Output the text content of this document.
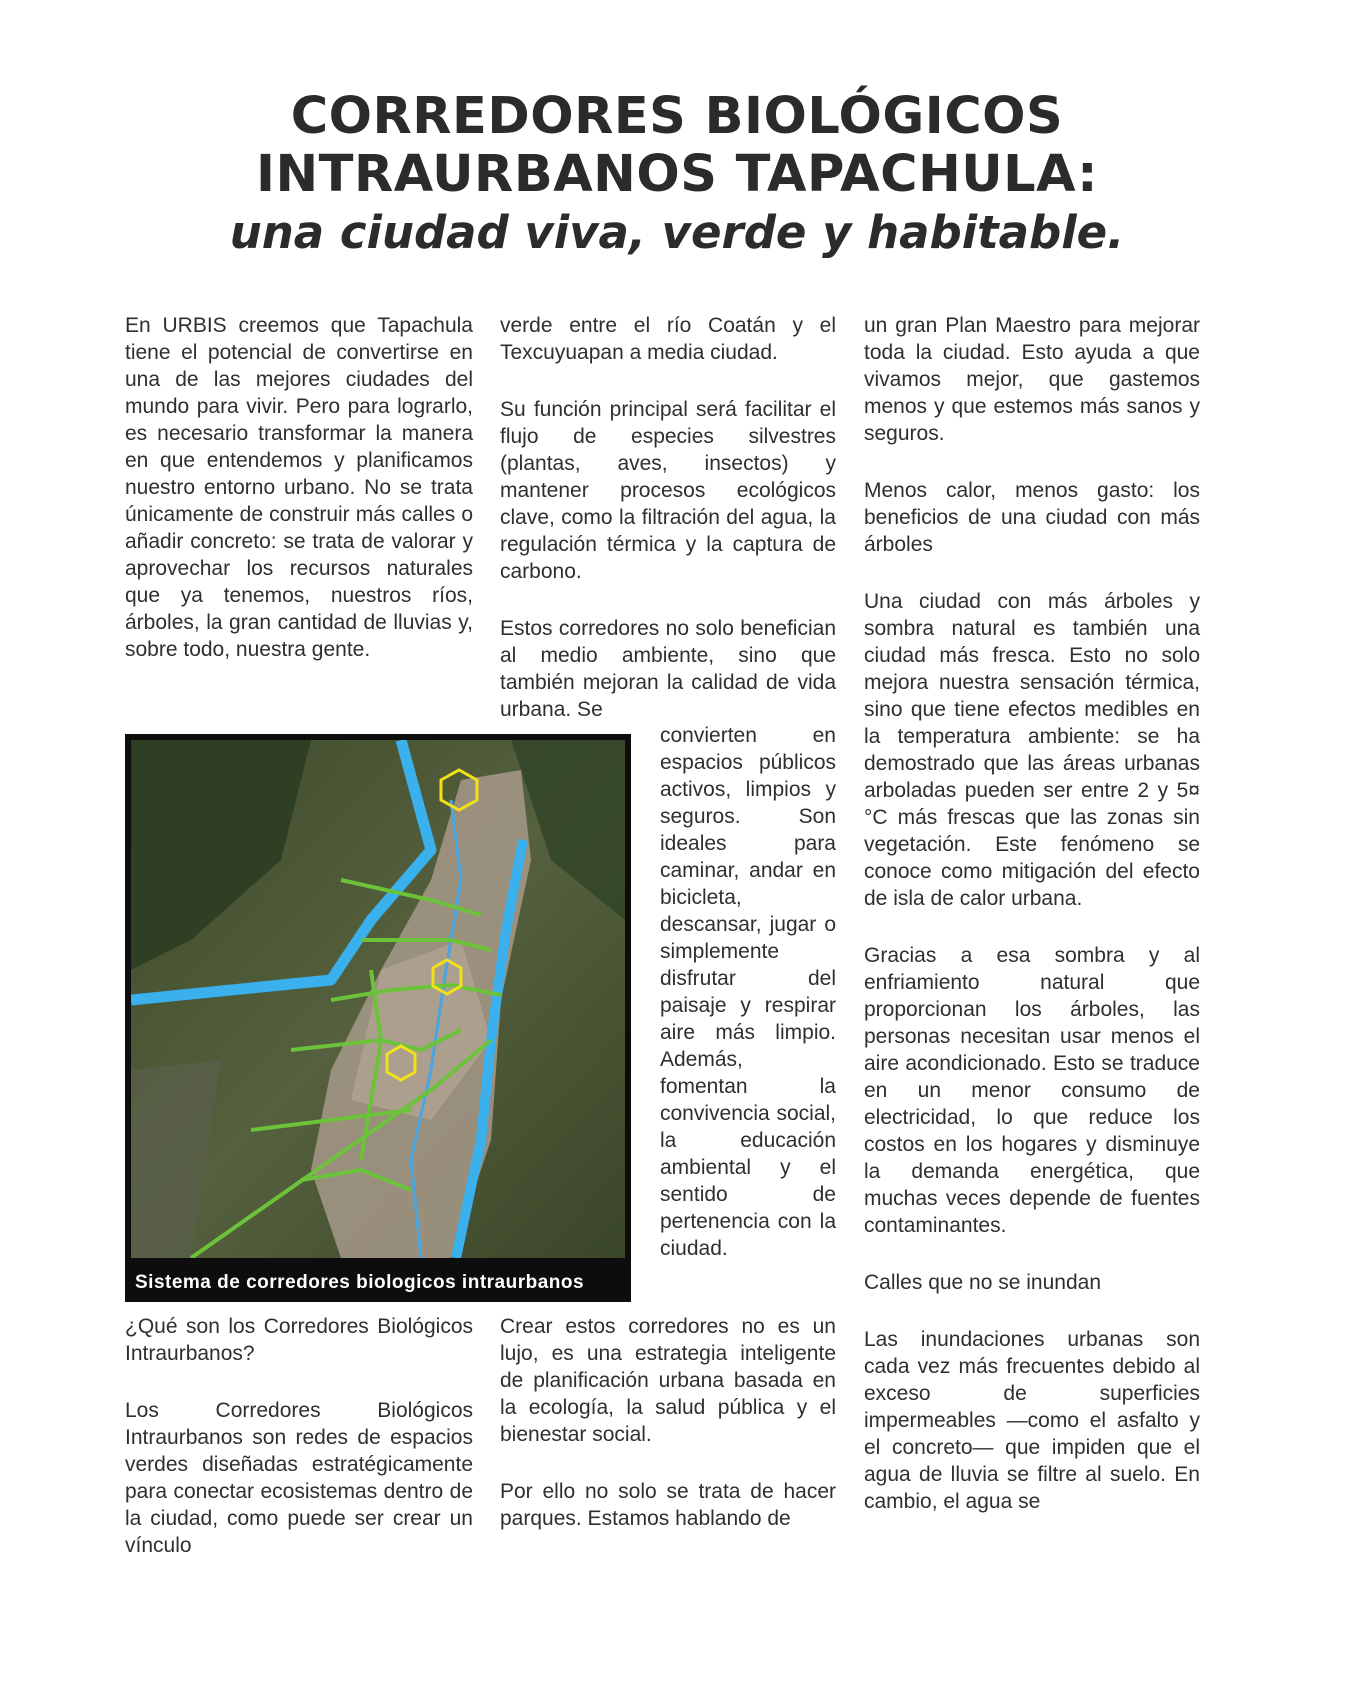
CORREDORES BIOLÓGICOS
INTRAURBANOS TAPACHULA:
una ciudad viva, verde y habitable.

En URBIS creemos que Tapachula tiene el potencial de convertirse en una de las mejores ciudades del mundo para vivir. Pero para lograrlo, es necesario transformar la manera en que entendemos y planificamos nuestro entorno urbano. No se trata únicamente de construir más calles o añadir concreto: se trata de valorar y aprovechar los recursos naturales que ya tenemos, nuestros ríos, árboles, la gran cantidad de lluvias y, sobre todo, nuestra gente.

Sistema de corredores biologicos intraurbanos

¿Qué son los Corredores Biológicos Intraurbanos?

Los Corredores Biológicos Intraurbanos son redes de espacios verdes diseñadas estratégicamente para conectar ecosistemas dentro de la ciudad, como puede ser crear un vínculo

verde entre el río Coatán y el Texcuyuapan a media ciudad.

Su función principal será facilitar el flujo de especies silvestres (plantas, aves, insectos) y mantener procesos ecológicos clave, como la filtración del agua, la regulación térmica y la captura de carbono.

Estos corredores no solo benefician al medio ambiente, sino que también mejoran la calidad de vida urbana. Se

convierten en espacios públicos activos, limpios y seguros. Son ideales para caminar, andar en bicicleta, descansar, jugar o simplemente disfrutar del paisaje y respirar aire más limpio. Además, fomentan la convivencia social, la educación ambiental y el sentido de pertenencia con la ciudad.

Crear estos corredores no es un lujo, es una estrategia inteligente de planificación urbana basada en la ecología, la salud pública y el bienestar social.

Por ello no solo se trata de hacer parques. Estamos hablando de

un gran Plan Maestro para mejorar toda la ciudad. Esto ayuda a que vivamos mejor, que gastemos menos y que estemos más sanos y seguros.

Menos calor, menos gasto: los beneficios de una ciudad con más árboles

Una ciudad con más árboles y sombra natural es también una ciudad más fresca. Esto no solo mejora nuestra sensación térmica, sino que tiene efectos medibles en la temperatura ambiente: se ha demostrado que las áreas urbanas arboladas pueden ser entre 2 y 5¤ °C más frescas que las zonas sin vegetación. Este fenómeno se conoce como mitigación del efecto de isla de calor urbana.

Gracias a esa sombra y al enfriamiento natural que proporcionan los árboles, las personas necesitan usar menos el aire acondicionado. Esto se traduce en un menor consumo de electricidad, lo que reduce los costos en los hogares y disminuye la demanda energética, que muchas veces depende de fuentes contaminantes.

Calles que no se inundan

Las inundaciones urbanas son cada vez más frecuentes debido al exceso de superficies impermeables —como el asfalto y el concreto— que impiden que el agua de lluvia se filtre al suelo. En cambio, el agua se
